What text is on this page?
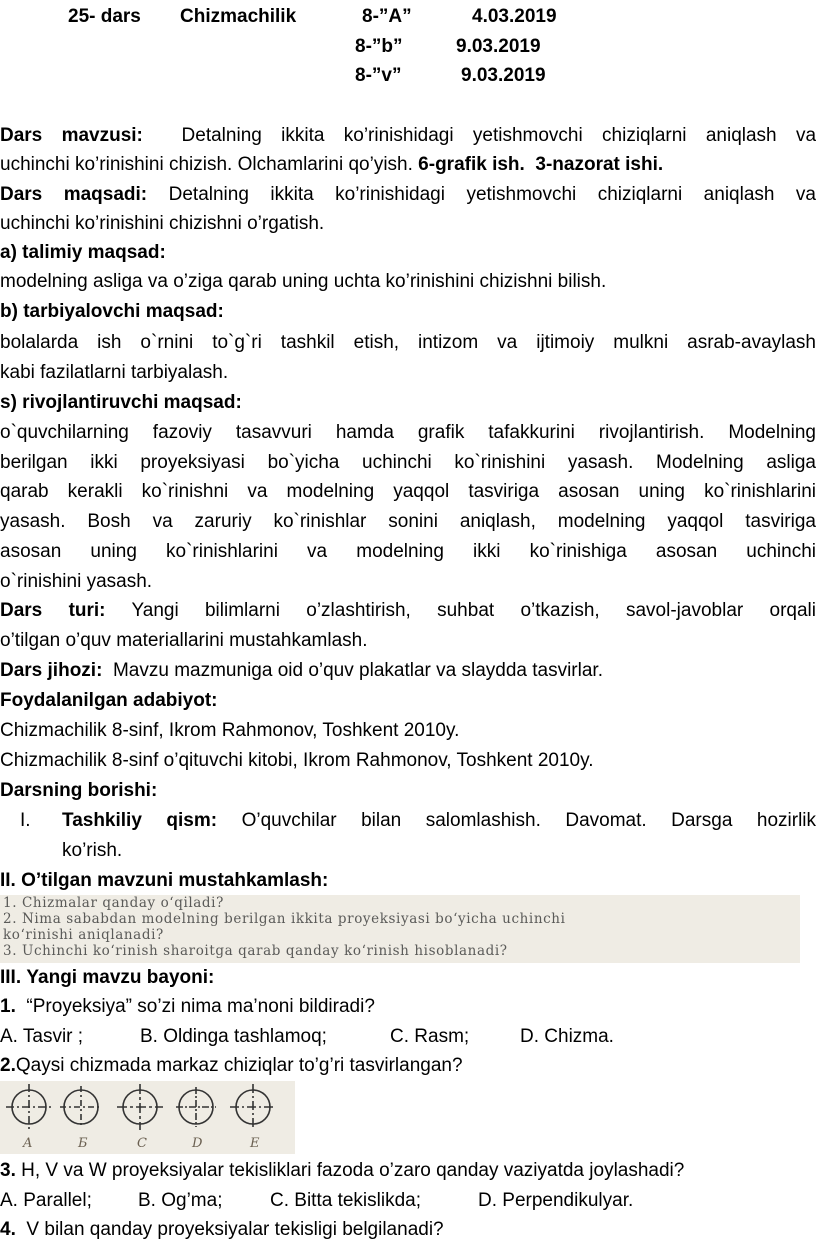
25- dars Chizmachilik	8-”A”	4.03.2019
8-”b”	9.03.2019
8-”v”	9.03.2019
Dars mavzusi: Detalning ikkita ko’rinishidagi yetishmovchi chiziqlarni aniqlash va
uchinchi ko’rinishini chizish. Olchamlarini qo’yish. 6-grafik ish. 3-nazorat ishi.
Dars maqsadi: Detalning ikkita ko’rinishidagi yetishmovchi chiziqlarni aniqlash va
uchinchi ko’rinishini chizishni o’rgatish.
a) talimiy maqsad:
modelning asliga va o’ziga qarab uning uchta ko’rinishini chizishni bilish.
b) tarbiyalovchi maqsad:
bolalarda ish o`rnini to`g`ri tashkil etish, intizom va ijtimoiy mulkni asrab-avaylash
kabi fazilatlarni tarbiyalash.
s) rivojlantiruvchi maqsad:
o`quvchilarning fazoviy tasavvuri hamda grafik tafakkurini rivojlantirish. Modelning
berilgan ikki proyeksiyasi bo`yicha uchinchi ko`rinishini yasash. Modelning asliga
qarab kerakli ko`rinishni va modelning yaqqol tasviriga asosan uning ko`rinishlarini
yasash. Bosh va zaruriy ko`rinishlar sonini aniqlash, modelning yaqqol tasviriga
asosan uning ko`rinishlarini va modelning ikki ko`rinishiga asosan uchinchi
o`rinishini yasash.
Dars turi: Yangi bilimlarni o’zlashtirish, suhbat o’tkazish, savol-javoblar orqali
o’tilgan o’quv materiallarini mustahkamlash.
Dars jihozi: Mavzu mazmuniga oid o’quv plakatlar va slaydda tasvirlar.
Foydalanilgan adabiyot:
Chizmachilik 8-sinf, Ikrom Rahmonov, Toshkent 2010y.
Chizmachilik 8-sinf o’qituvchi kitobi, Ikrom Rahmonov, Toshkent 2010y.
Darsning borishi:
I. Tashkiliy qism: O’quvchilar bilan salomlashish. Davomat. Darsga hozirlik
ko’rish.
II. O’tilgan mavzuni mustahkamlash:
1. Chizmalar qanday o‘qiladi?
2. Nima sababdan modelning berilgan ikkita proyeksiyasi bo‘yicha uchinchi
ko‘rinishi aniqlanadi?
3. Uchinchi ko‘rinish sharoitga qarab qanday ko‘rinish hisoblanadi?
III. Yangi mavzu bayoni:
1. “Proyeksiya” so’zi nima ma’noni bildiradi?
A. Tasvir ;	B. Oldinga tashlamoq;	C. Rasm;	D. Chizma.
2.Qaysi chizmada markaz chiziqlar to’g’ri tasvirlangan?
A	Б	C	D	E
3. H, V va W proyeksiyalar tekisliklari fazoda o’zaro qanday vaziyatda joylashadi?
A. Parallel; B. Og’ma;	C. Bitta tekislikda;	D. Perpendikulyar.
4. V bilan qanday proyeksiyalar tekisligi belgilanadi?
